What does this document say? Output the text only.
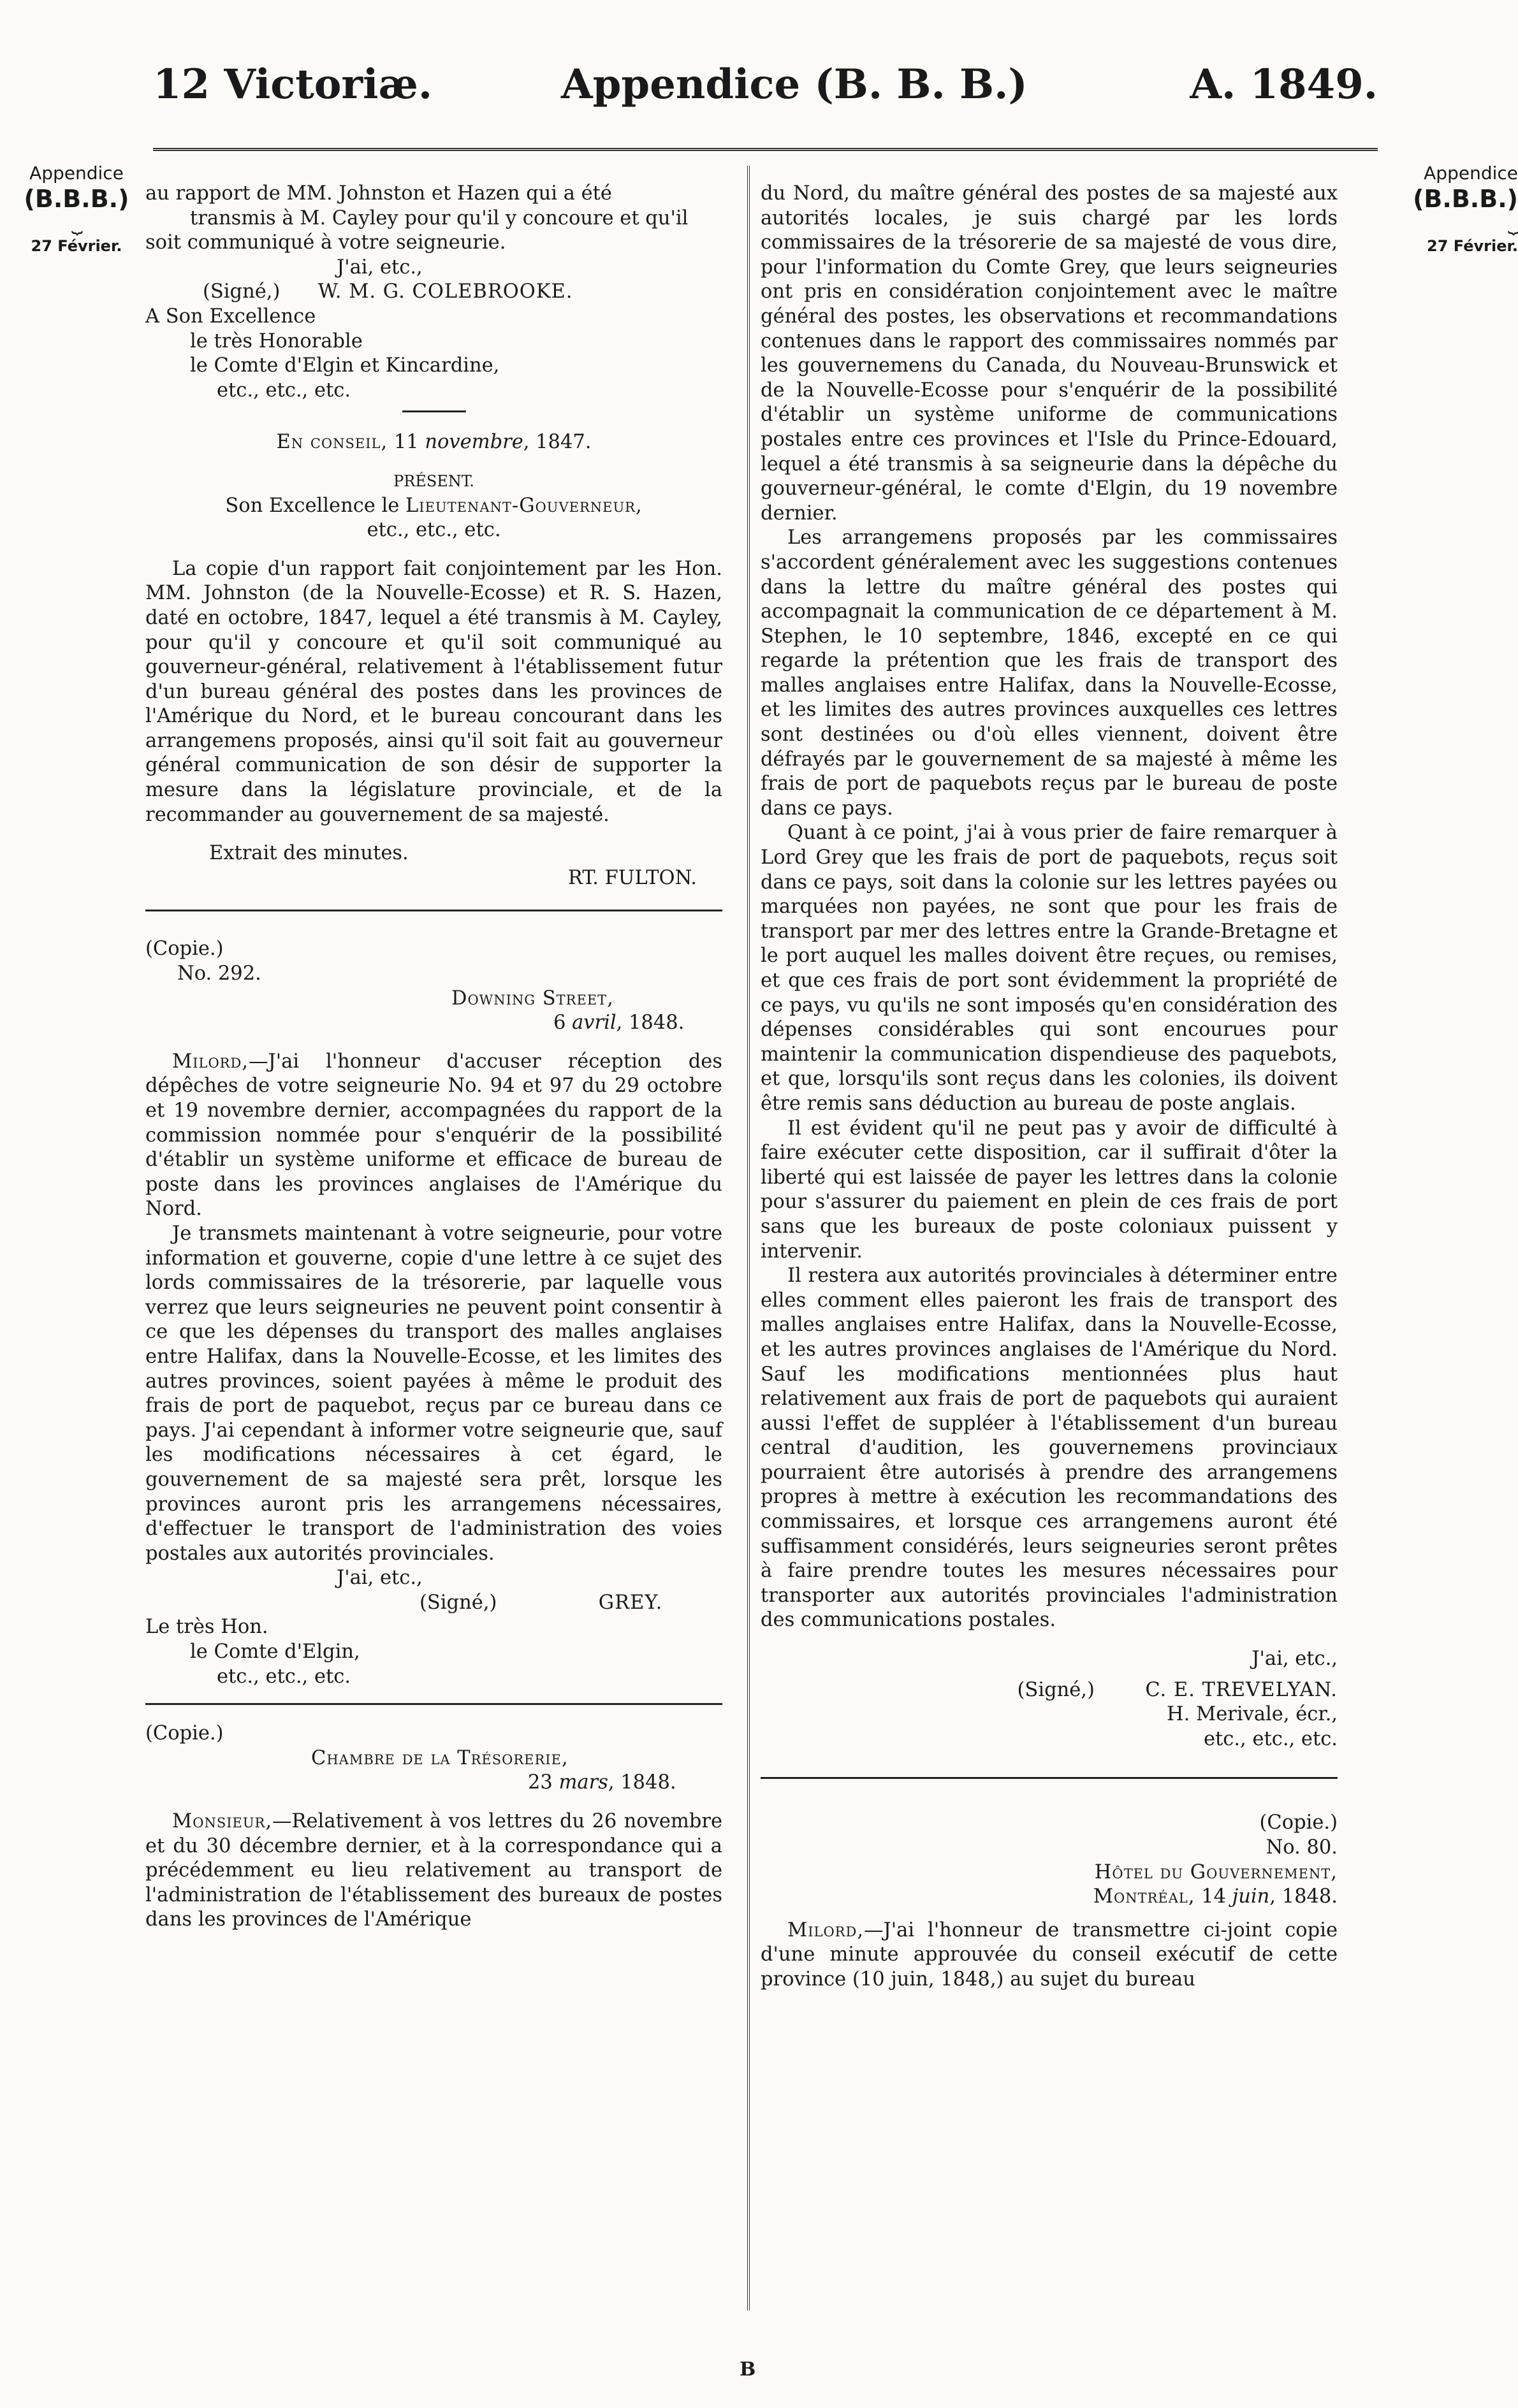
12 Victoriæ.	Appendice (B. B. B.)	A. 1849.
Appendice
(B.B.B.)
⏟
27 Février.
Appendice
(B.B.B.)
⏟
27 Février.

au rapport de MM. Johnston et Hazen qui a été

transmis à M. Cayley pour qu'il y concoure et qu'il

soit communiqué à votre seigneurie.

J'ai, etc.,

(Signé,) W. M. G. COLEBROOKE.

A Son Excellence

le très Honorable

le Comte d'Elgin et Kincardine,

etc., etc., etc.

En conseil, 11 novembre, 1847.

PRÉSENT.

Son Excellence le Lieutenant-Gouverneur,

etc., etc., etc.

La copie d'un rapport fait conjointement par les Hon. MM. Johnston (de la Nouvelle-Ecosse) et R. S. Hazen, daté en octobre, 1847, lequel a été transmis à M. Cayley, pour qu'il y concoure et qu'il soit communiqué au gouverneur-général, relativement à l'établissement futur d'un bureau général des postes dans les provinces de l'Amérique du Nord, et le bureau concourant dans les arrangemens proposés, ainsi qu'il soit fait au gouverneur général communication de son désir de supporter la mesure dans la législature provinciale, et de la recommander au gouvernement de sa majesté.

Extrait des minutes.

RT. FULTON.

(Copie.)

No. 292.

Downing Street,

6 avril, 1848.

Milord,—J'ai l'honneur d'accuser réception des dépêches de votre seigneurie No. 94 et 97 du 29 octobre et 19 novembre dernier, accompagnées du rapport de la commission nommée pour s'enquérir de la possibilité d'établir un système uniforme et efficace de bureau de poste dans les provinces anglaises de l'Amérique du Nord.

Je transmets maintenant à votre seigneurie, pour votre information et gouverne, copie d'une lettre à ce sujet des lords commissaires de la trésorerie, par laquelle vous verrez que leurs seigneuries ne peuvent point consentir à ce que les dépenses du transport des malles anglaises entre Halifax, dans la Nouvelle-Ecosse, et les limites des autres provinces, soient payées à même le produit des frais de port de paquebot, reçus par ce bureau dans ce pays. J'ai cependant à informer votre seigneurie que, sauf les modifications nécessaires à cet égard, le gouvernement de sa majesté sera prêt, lorsque les provinces auront pris les arrangemens nécessaires, d'effectuer le transport de l'administration des voies postales aux autorités provinciales.

J'ai, etc.,

(Signé,)	GREY.

Le très Hon.

le Comte d'Elgin,

etc., etc., etc.

(Copie.)

Chambre de la Trésorerie,

23 mars, 1848.

Monsieur,—Relativement à vos lettres du 26 novembre et du 30 décembre dernier, et à la correspondance qui a précédemment eu lieu relativement au transport de l'administration de l'établissement des bureaux de postes dans les provinces de l'Amérique

du Nord, du maître général des postes de sa majesté aux autorités locales, je suis chargé par les lords commissaires de la trésorerie de sa majesté de vous dire, pour l'information du Comte Grey, que leurs seigneuries ont pris en considération conjointement avec le maître général des postes, les observations et recommandations contenues dans le rapport des commissaires nommés par les gouvernemens du Canada, du Nouveau-Brunswick et de la Nouvelle-Ecosse pour s'enquérir de la possibilité d'établir un système uniforme de communications postales entre ces provinces et l'Isle du Prince-Edouard, lequel a été transmis à sa seigneurie dans la dépêche du gouverneur-général, le comte d'Elgin, du 19 novembre dernier.

Les arrangemens proposés par les commissaires s'accordent généralement avec les suggestions contenues dans la lettre du maître général des postes qui accompagnait la communication de ce département à M. Stephen, le 10 septembre, 1846, excepté en ce qui regarde la prétention que les frais de transport des malles anglaises entre Halifax, dans la Nouvelle-Ecosse, et les limites des autres provinces auxquelles ces lettres sont destinées ou d'où elles viennent, doivent être défrayés par le gouvernement de sa majesté à même les frais de port de paquebots reçus par le bureau de poste dans ce pays.

Quant à ce point, j'ai à vous prier de faire remarquer à Lord Grey que les frais de port de paquebots, reçus soit dans ce pays, soit dans la colonie sur les lettres payées ou marquées non payées, ne sont que pour les frais de transport par mer des lettres entre la Grande-Bretagne et le port auquel les malles doivent être reçues, ou remises, et que ces frais de port sont évidemment la propriété de ce pays, vu qu'ils ne sont imposés qu'en considération des dépenses considérables qui sont encourues pour maintenir la communication dispendieuse des paquebots, et que, lorsqu'ils sont reçus dans les colonies, ils doivent être remis sans déduction au bureau de poste anglais.

Il est évident qu'il ne peut pas y avoir de difficulté à faire exécuter cette disposition, car il suffirait d'ôter la liberté qui est laissée de payer les lettres dans la colonie pour s'assurer du paiement en plein de ces frais de port sans que les bureaux de poste coloniaux puissent y intervenir.

Il restera aux autorités provinciales à déterminer entre elles comment elles paieront les frais de transport des malles anglaises entre Halifax, dans la Nouvelle-Ecosse, et les autres provinces anglaises de l'Amérique du Nord. Sauf les modifications mentionnées plus haut relativement aux frais de port de paquebots qui auraient aussi l'effet de suppléer à l'établissement d'un bureau central d'audition, les gouvernemens provinciaux pourraient être autorisés à prendre des arrangemens propres à mettre à exécution les recommandations des commissaires, et lorsque ces arrangemens auront été suffisamment considérés, leurs seigneuries seront prêtes à faire prendre toutes les mesures nécessaires pour transporter aux autorités provinciales l'administration des communications postales.

J'ai, etc.,

(Signé,)	C. E. TREVELYAN.

H. Merivale, écr.,

etc., etc., etc.

(Copie.)

No. 80.

Hôtel du Gouvernement,

Montréal, 14 juin, 1848.

Milord,—J'ai l'honneur de transmettre ci-joint copie d'une minute approuvée du conseil exécutif de cette province (10 juin, 1848,) au sujet du bureau

B
